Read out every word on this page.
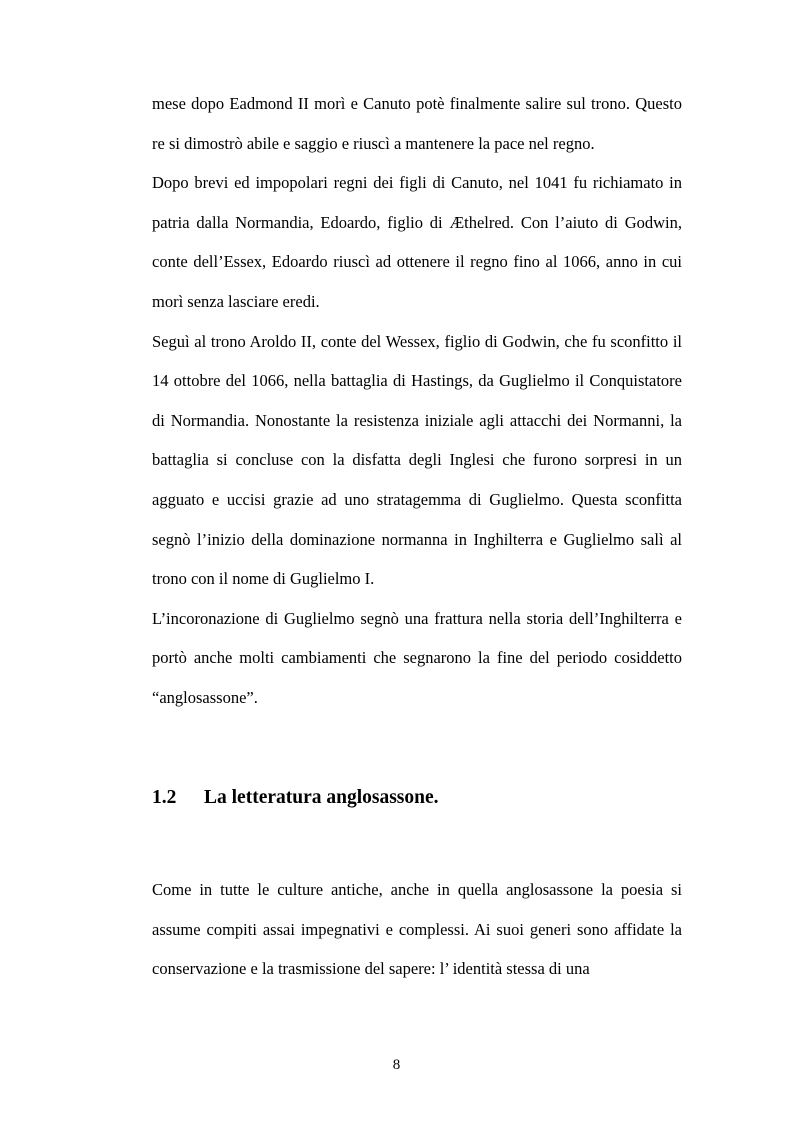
mese dopo Eadmond II morì e Canuto potè finalmente salire sul trono. Questo re si dimostrò abile e saggio e riuscì a mantenere la pace nel regno.

Dopo brevi ed impopolari regni dei figli di Canuto, nel 1041 fu richiamato in patria dalla Normandia, Edoardo, figlio di Æthelred. Con l’aiuto di Godwin, conte dell’Essex, Edoardo riuscì ad ottenere il regno fino al 1066, anno in cui morì senza lasciare eredi.

Seguì al trono Aroldo II, conte del Wessex, figlio di Godwin, che fu sconfitto il 14 ottobre del 1066, nella battaglia di Hastings, da Guglielmo il Conquistatore di Normandia. Nonostante la resistenza iniziale agli attacchi dei Normanni, la battaglia si concluse con la disfatta degli Inglesi che furono sorpresi in un agguato e uccisi grazie ad uno stratagemma di Guglielmo. Questa sconfitta segnò l’inizio della dominazione normanna in Inghilterra e Guglielmo salì al trono con il nome di Guglielmo I.

L’incoronazione di Guglielmo segnò una frattura nella storia dell’Inghilterra e portò anche molti cambiamenti che segnarono la fine del periodo cosiddetto “anglosassone”.

1.2 La letteratura anglosassone.

Come in tutte le culture antiche, anche in quella anglosassone la poesia si assume compiti assai impegnativi e complessi. Ai suoi generi sono affidate la conservazione e la trasmissione del sapere: l’ identità stessa di una

8
